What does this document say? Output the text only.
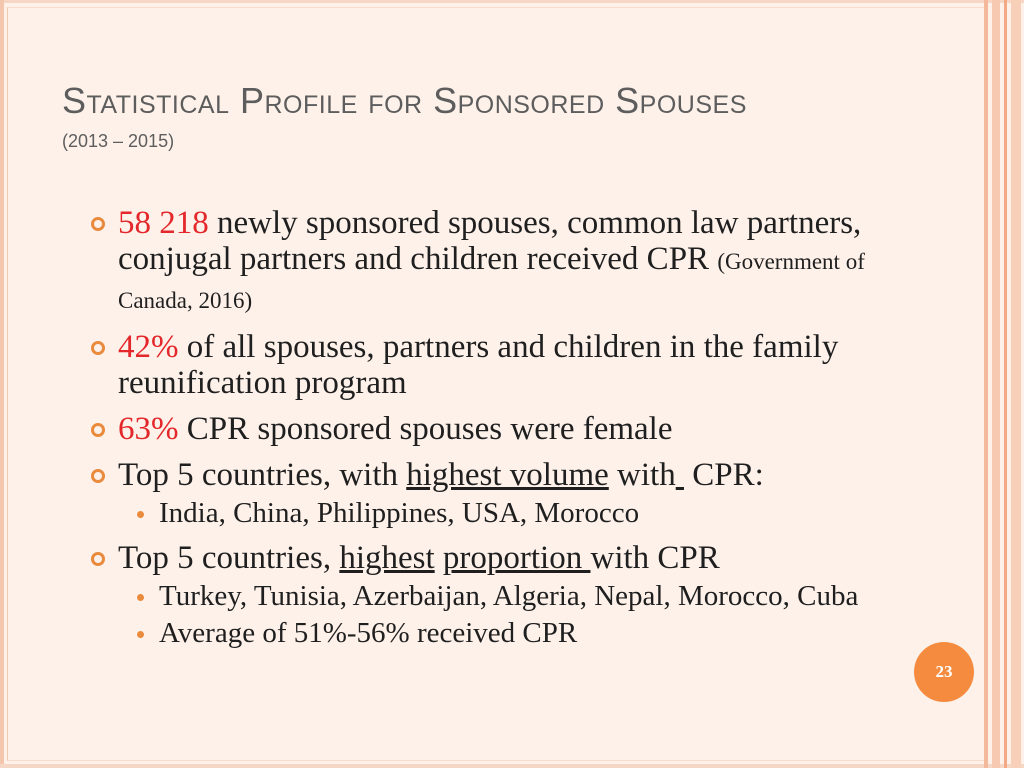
Statistical Profile for Sponsored Spouses
(2013 – 2015)
58 218 newly sponsored spouses, common law partners, conjugal partners and children received CPR (Government of Canada, 2016)
42% of all spouses, partners and children in the family reunification program
63% CPR sponsored spouses were female
Top 5 countries, with highest volume with  CPR:
India, China, Philippines, USA, Morocco
Top 5 countries, highest proportion with CPR
Turkey, Tunisia, Azerbaijan, Algeria, Nepal, Morocco, Cuba
Average of 51%-56% received CPR
23
